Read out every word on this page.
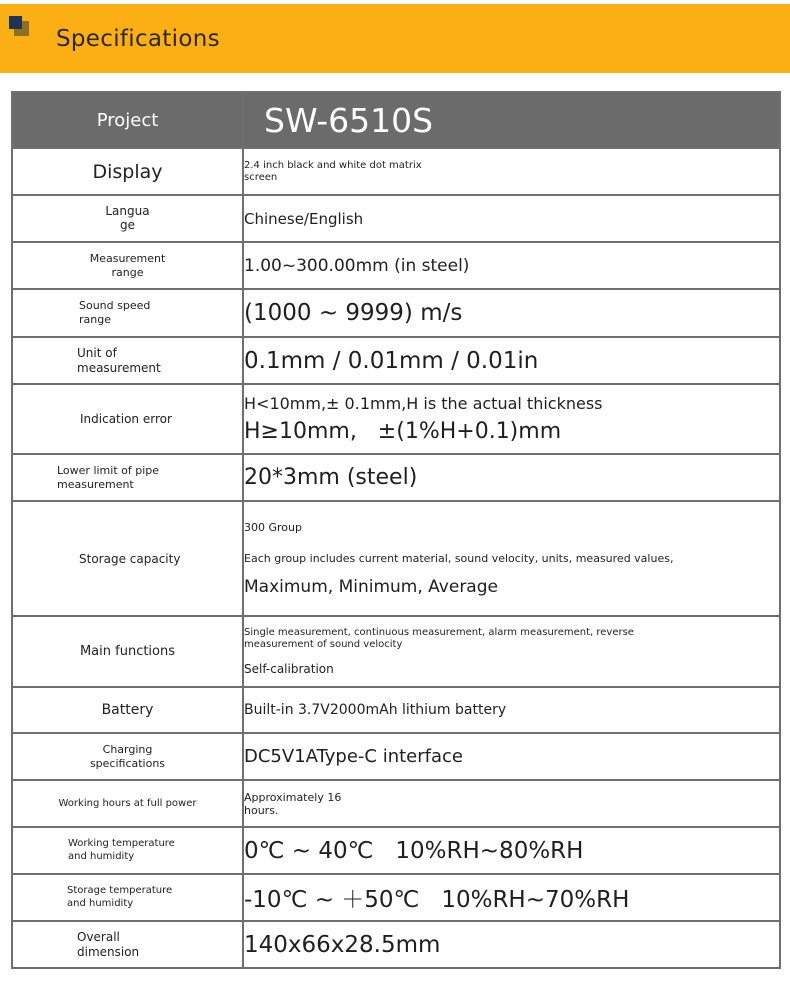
Specifications
Project	SW-6510S
Display	2.4 inch black and white dot matrix screen

Langua ge	Chinese/English
Measurement range	1.00~300.00mm (in steel)
Sound speed range	(1000 ~ 9999) m/s
Unit of measurement	0.1mm / 0.01mm / 0.01in
Indication error	H<10mm,± 0.1mm,H is the actual thickness
H≥10mm,   ±(1%H+0.1)mm

Lower limit of pipe measurement	20*3mm (steel)
Storage capacity	300 Group
Each group includes current material, sound velocity, units, measured values,
Maximum, Minimum, Average

Main functions	Single measurement, continuous measurement, alarm measurement, reverse measurement of sound velocity
Self-calibration

Battery	Built-in 3.7V2000mAh lithium battery
Charging specifications	DC5V1AType-C interface
Working hours at full power	Approximately 16 hours.

Working temperature and humidity	0℃ ~ 40℃   10%RH~80%RH
Storage temperature and humidity	-10℃ ~ ＋50℃   10%RH~70%RH
Overall dimension	140x66x28.5mm
